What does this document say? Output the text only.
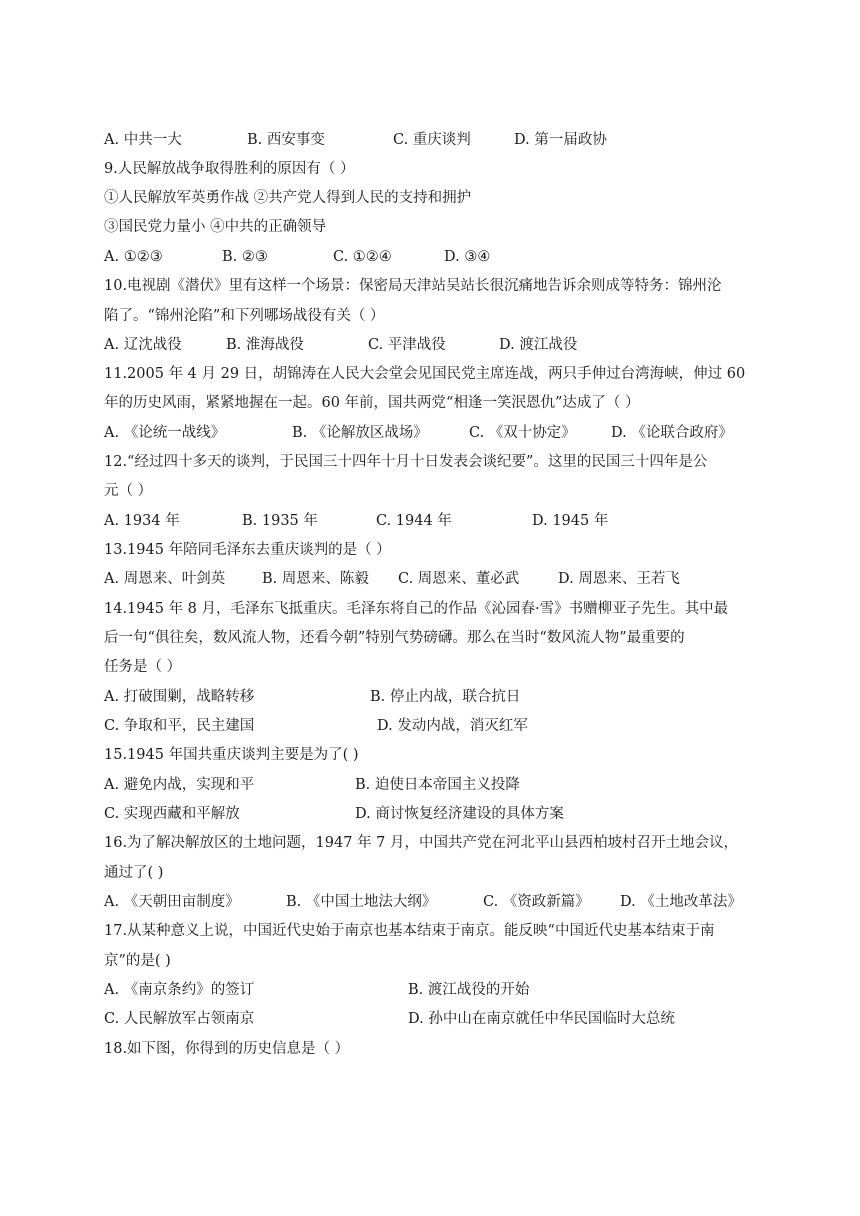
A. 中共一大	B. 西安事变	C. 重庆谈判	D. 第一届政协
9.人民解放战争取得胜利的原因有（ ）
①人民解放军英勇作战 ②共产党人得到人民的支持和拥护
③国民党力量小 ④中共的正确领导
A. ①②③	B. ②③	C. ①②④	D. ③④
10.电视剧《潜伏》里有这样一个场景：保密局天津站吴站长很沉痛地告诉余则成等特务：锦州沦
陷了。“锦州沦陷”和下列哪场战役有关（ ）
A. 辽沈战役	B. 淮海战役	C. 平津战役	D. 渡江战役
11.2005 年 4 月 29 日，胡锦涛在人民大会堂会见国民党主席连战，两只手伸过台湾海峡，伸过 60
年的历史风雨，紧紧地握在一起。60 年前，国共两党“相逢一笑泯恩仇”达成了（ ）
A. 《论统一战线》	B. 《论解放区战场》	C. 《双十协定》 D. 《论联合政府》
12.“经过四十多天的谈判，于民国三十四年十月十日发表会谈纪要”。这里的民国三十四年是公
元（ ）
A. 1934 年	B. 1935 年	C. 1944 年	D. 1945 年
13.1945 年陪同毛泽东去重庆谈判的是（ ）
A. 周恩来、叶剑英	B. 周恩来、陈毅 C. 周恩来、董必武	D. 周恩来、王若飞
14.1945 年 8 月，毛泽东飞抵重庆。毛泽东将自己的作品《沁园春·雪》书赠柳亚子先生。其中最
后一句“俱往矣，数风流人物，还看今朝”特别气势磅礴。那么在当时“数风流人物”最重要的
任务是（ ）
A. 打破围剿，战略转移	B. 停止内战，联合抗日
C. 争取和平，民主建国	D. 发动内战，消灭红军
15.1945 年国共重庆谈判主要是为了( )
A. 避免内战，实现和平	B. 迫使日本帝国主义投降
C. 实现西藏和平解放	D. 商讨恢复经济建设的具体方案
16.为了解决解放区的土地问题，1947 年 7 月，中国共产党在河北平山县西柏坡村召开土地会议，
通过了( )
A. 《天朝田亩制度》	B. 《中国土地法大纲》	C. 《资政新篇》 D. 《土地改革法》
17.从某种意义上说，中国近代史始于南京也基本结束于南京。能反映“中国近代史基本结束于南
京”的是( )
A. 《南京条约》的签订	B. 渡江战役的开始
C. 人民解放军占领南京	D. 孙中山在南京就任中华民国临时大总统
18.如下图，你得到的历史信息是（ ）
